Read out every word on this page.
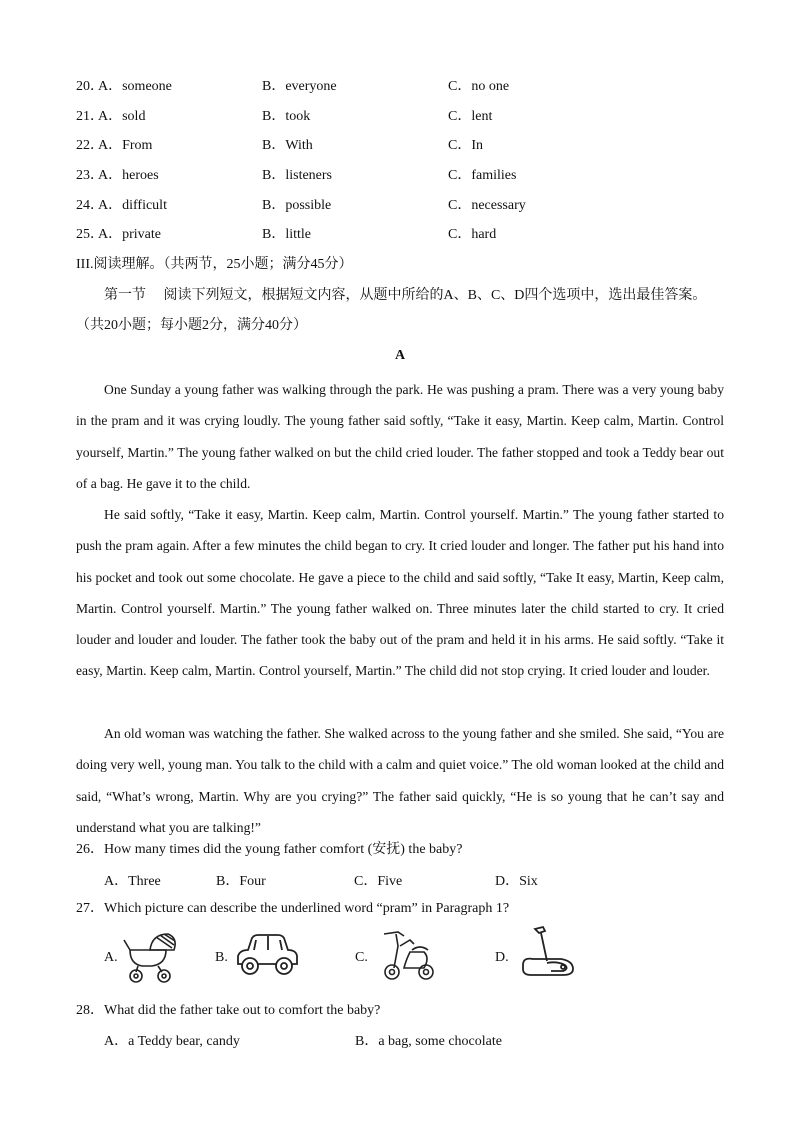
20．
A．someone	B．everyone	C．no one
21．
A．sold	B．took	C．lent
22．
A．From	B．With	C．In
23．
A．heroes	B．listeners	C．families
24．
A．difficult	B．possible	C．necessary
25．
A．private	B．little	C．hard
III.阅读理解。（共两节，25小题；满分45分）
第一节　 阅读下列短文，根据短文内容，从题中所给的A、B、C、D四个选项中，选出最佳答案。
（共20小题；每小题2分，满分40分）
A

One Sunday a young father was walking through the park. He was pushing a pram. There was a very young baby in the pram and it was crying loudly. The young father said softly, “Take it easy, Martin. Keep calm, Martin. Control yourself, Martin.” The young father walked on but the child cried louder. The father stopped and took a Teddy bear out of a bag. He gave it to the child.

He said softly, “Take it easy, Martin. Keep calm, Martin. Control yourself. Martin.” The young father started to push the pram again. After a few minutes the child began to cry. It cried louder and longer. The father put his hand into his pocket and took out some chocolate. He gave a piece to the child and said softly, “Take It easy, Martin, Keep calm, Martin. Control yourself. Martin.” The young father walked on. Three minutes later the child started to cry. It cried louder and louder and louder. The father took the baby out of the pram and held it in his arms. He said softly. “Take it easy, Martin. Keep calm, Martin. Control yourself, Martin.” The child did not stop crying. It cried louder and louder.

An old woman was watching the father. She walked across to the young father and she smiled. She said, “You are doing very well, young man. You talk to the child with a calm and quiet voice.” The old woman looked at the child and said, “What’s wrong, Martin. Why are you crying?” The father said quickly, “He is so young that he can’t say and understand what you are talking!”

26．How many times did the young father comfort (安抚) the baby?
A．Three	B．Four	C．Five	D．Six
27．Which picture can describe the underlined word “pram” in Paragraph 1?
A.	B.	C.	D.
28．What did the father take out to comfort the baby?
A．a Teddy bear, candy	B．a bag, some chocolate
